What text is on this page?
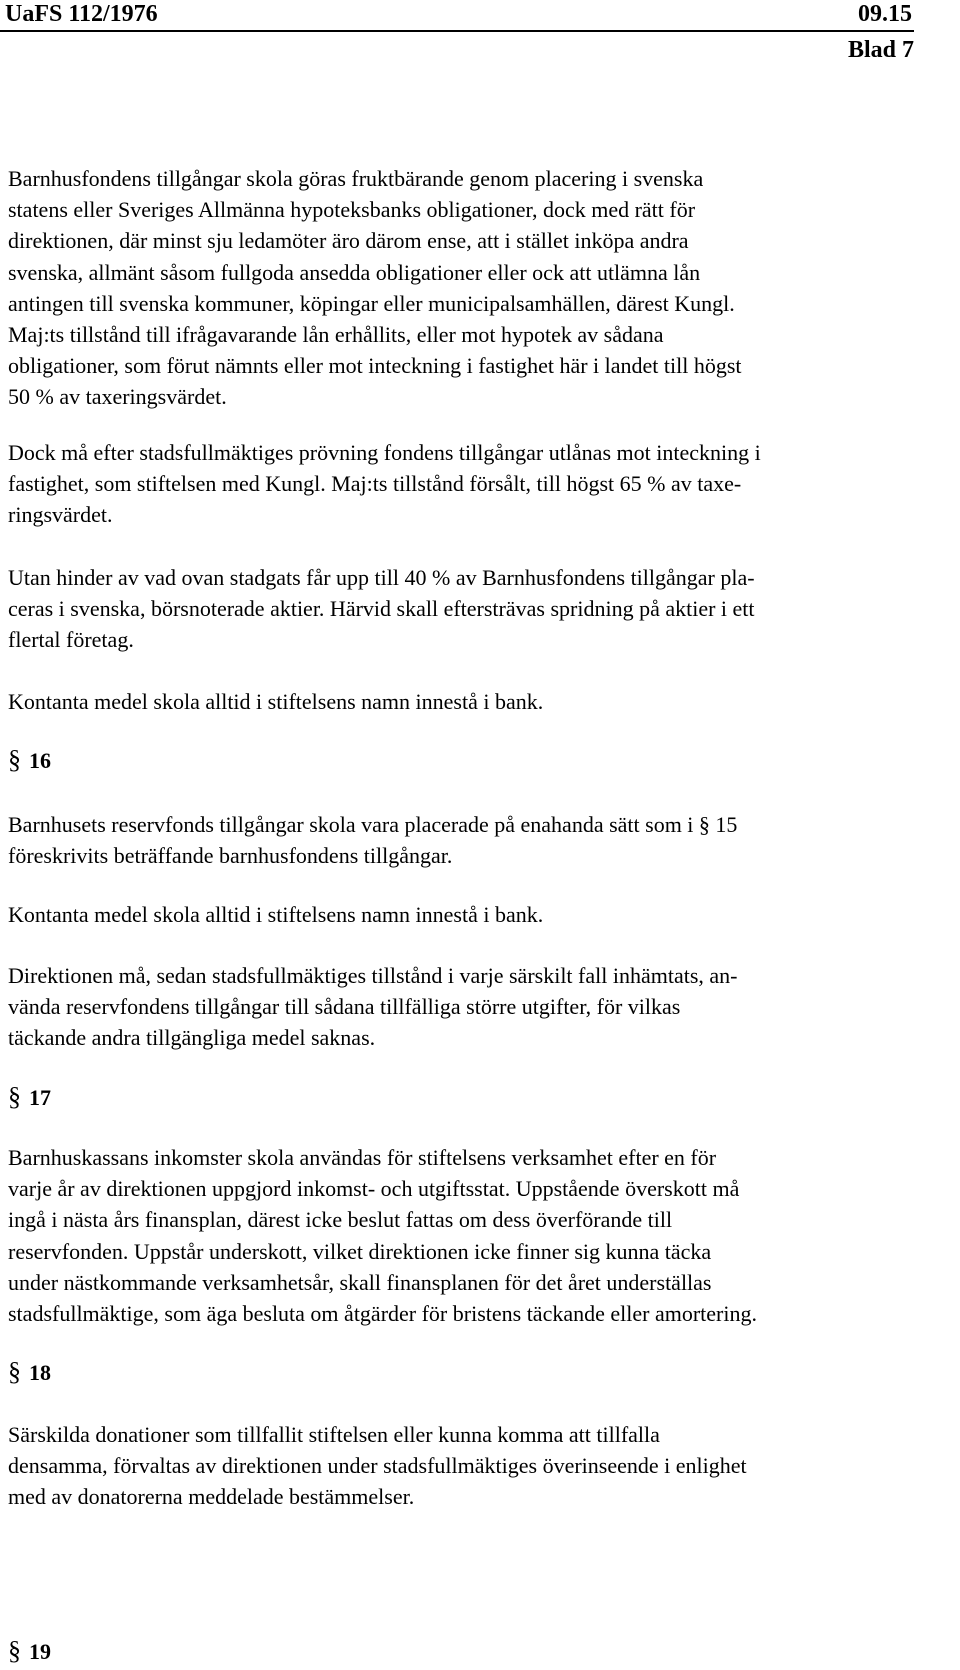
UaFS 112/1976	09.15
Blad 7
Barnhusfondens tillgångar skola göras fruktbärande genom placering i svenska
statens eller Sveriges Allmänna hypoteksbanks obligationer, dock med rätt för
direktionen, där minst sju ledamöter äro därom ense, att i stället inköpa andra
svenska, allmänt såsom fullgoda ansedda obligationer eller ock att utlämna lån
antingen till svenska kommuner, köpingar eller municipalsamhällen, därest Kungl.
Maj:ts tillstånd till ifrågavarande lån erhållits, eller mot hypotek av sådana
obligationer, som förut nämnts eller mot inteckning i fastighet här i landet till högst
50 % av taxeringsvärdet.
Dock må efter stadsfullmäktiges prövning fondens tillgångar utlånas mot inteckning i
fastighet, som stiftelsen med Kungl. Maj:ts tillstånd försålt, till högst 65 % av taxe-
ringsvärdet.
Utan hinder av vad ovan stadgats får upp till 40 % av Barnhusfondens tillgångar pla-
ceras i svenska, börsnoterade aktier. Härvid skall eftersträvas spridning på aktier i ett
flertal företag.
Kontanta medel skola alltid i stiftelsens namn innestå i bank.
§ 16
Barnhusets reservfonds tillgångar skola vara placerade på enahanda sätt som i § 15
föreskrivits beträffande barnhusfondens tillgångar.
Kontanta medel skola alltid i stiftelsens namn innestå i bank.
Direktionen må, sedan stadsfullmäktiges tillstånd i varje särskilt fall inhämtats, an-
vända reservfondens tillgångar till sådana tillfälliga större utgifter, för vilkas
täckande andra tillgängliga medel saknas.
§ 17
Barnhuskassans inkomster skola användas för stiftelsens verksamhet efter en för
varje år av direktionen uppgjord inkomst- och utgiftsstat. Uppstående överskott må
ingå i nästa års finansplan, därest icke beslut fattas om dess överförande till
reservfonden. Uppstår underskott, vilket direktionen icke finner sig kunna täcka
under nästkommande verksamhetsår, skall finansplanen för det året underställas
stadsfullmäktige, som äga besluta om åtgärder för bristens täckande eller amortering.
§ 18
Särskilda donationer som tillfallit stiftelsen eller kunna komma att tillfalla
densamma, förvaltas av direktionen under stadsfullmäktiges överinseende i enlighet
med av donatorerna meddelade bestämmelser.
§ 19
